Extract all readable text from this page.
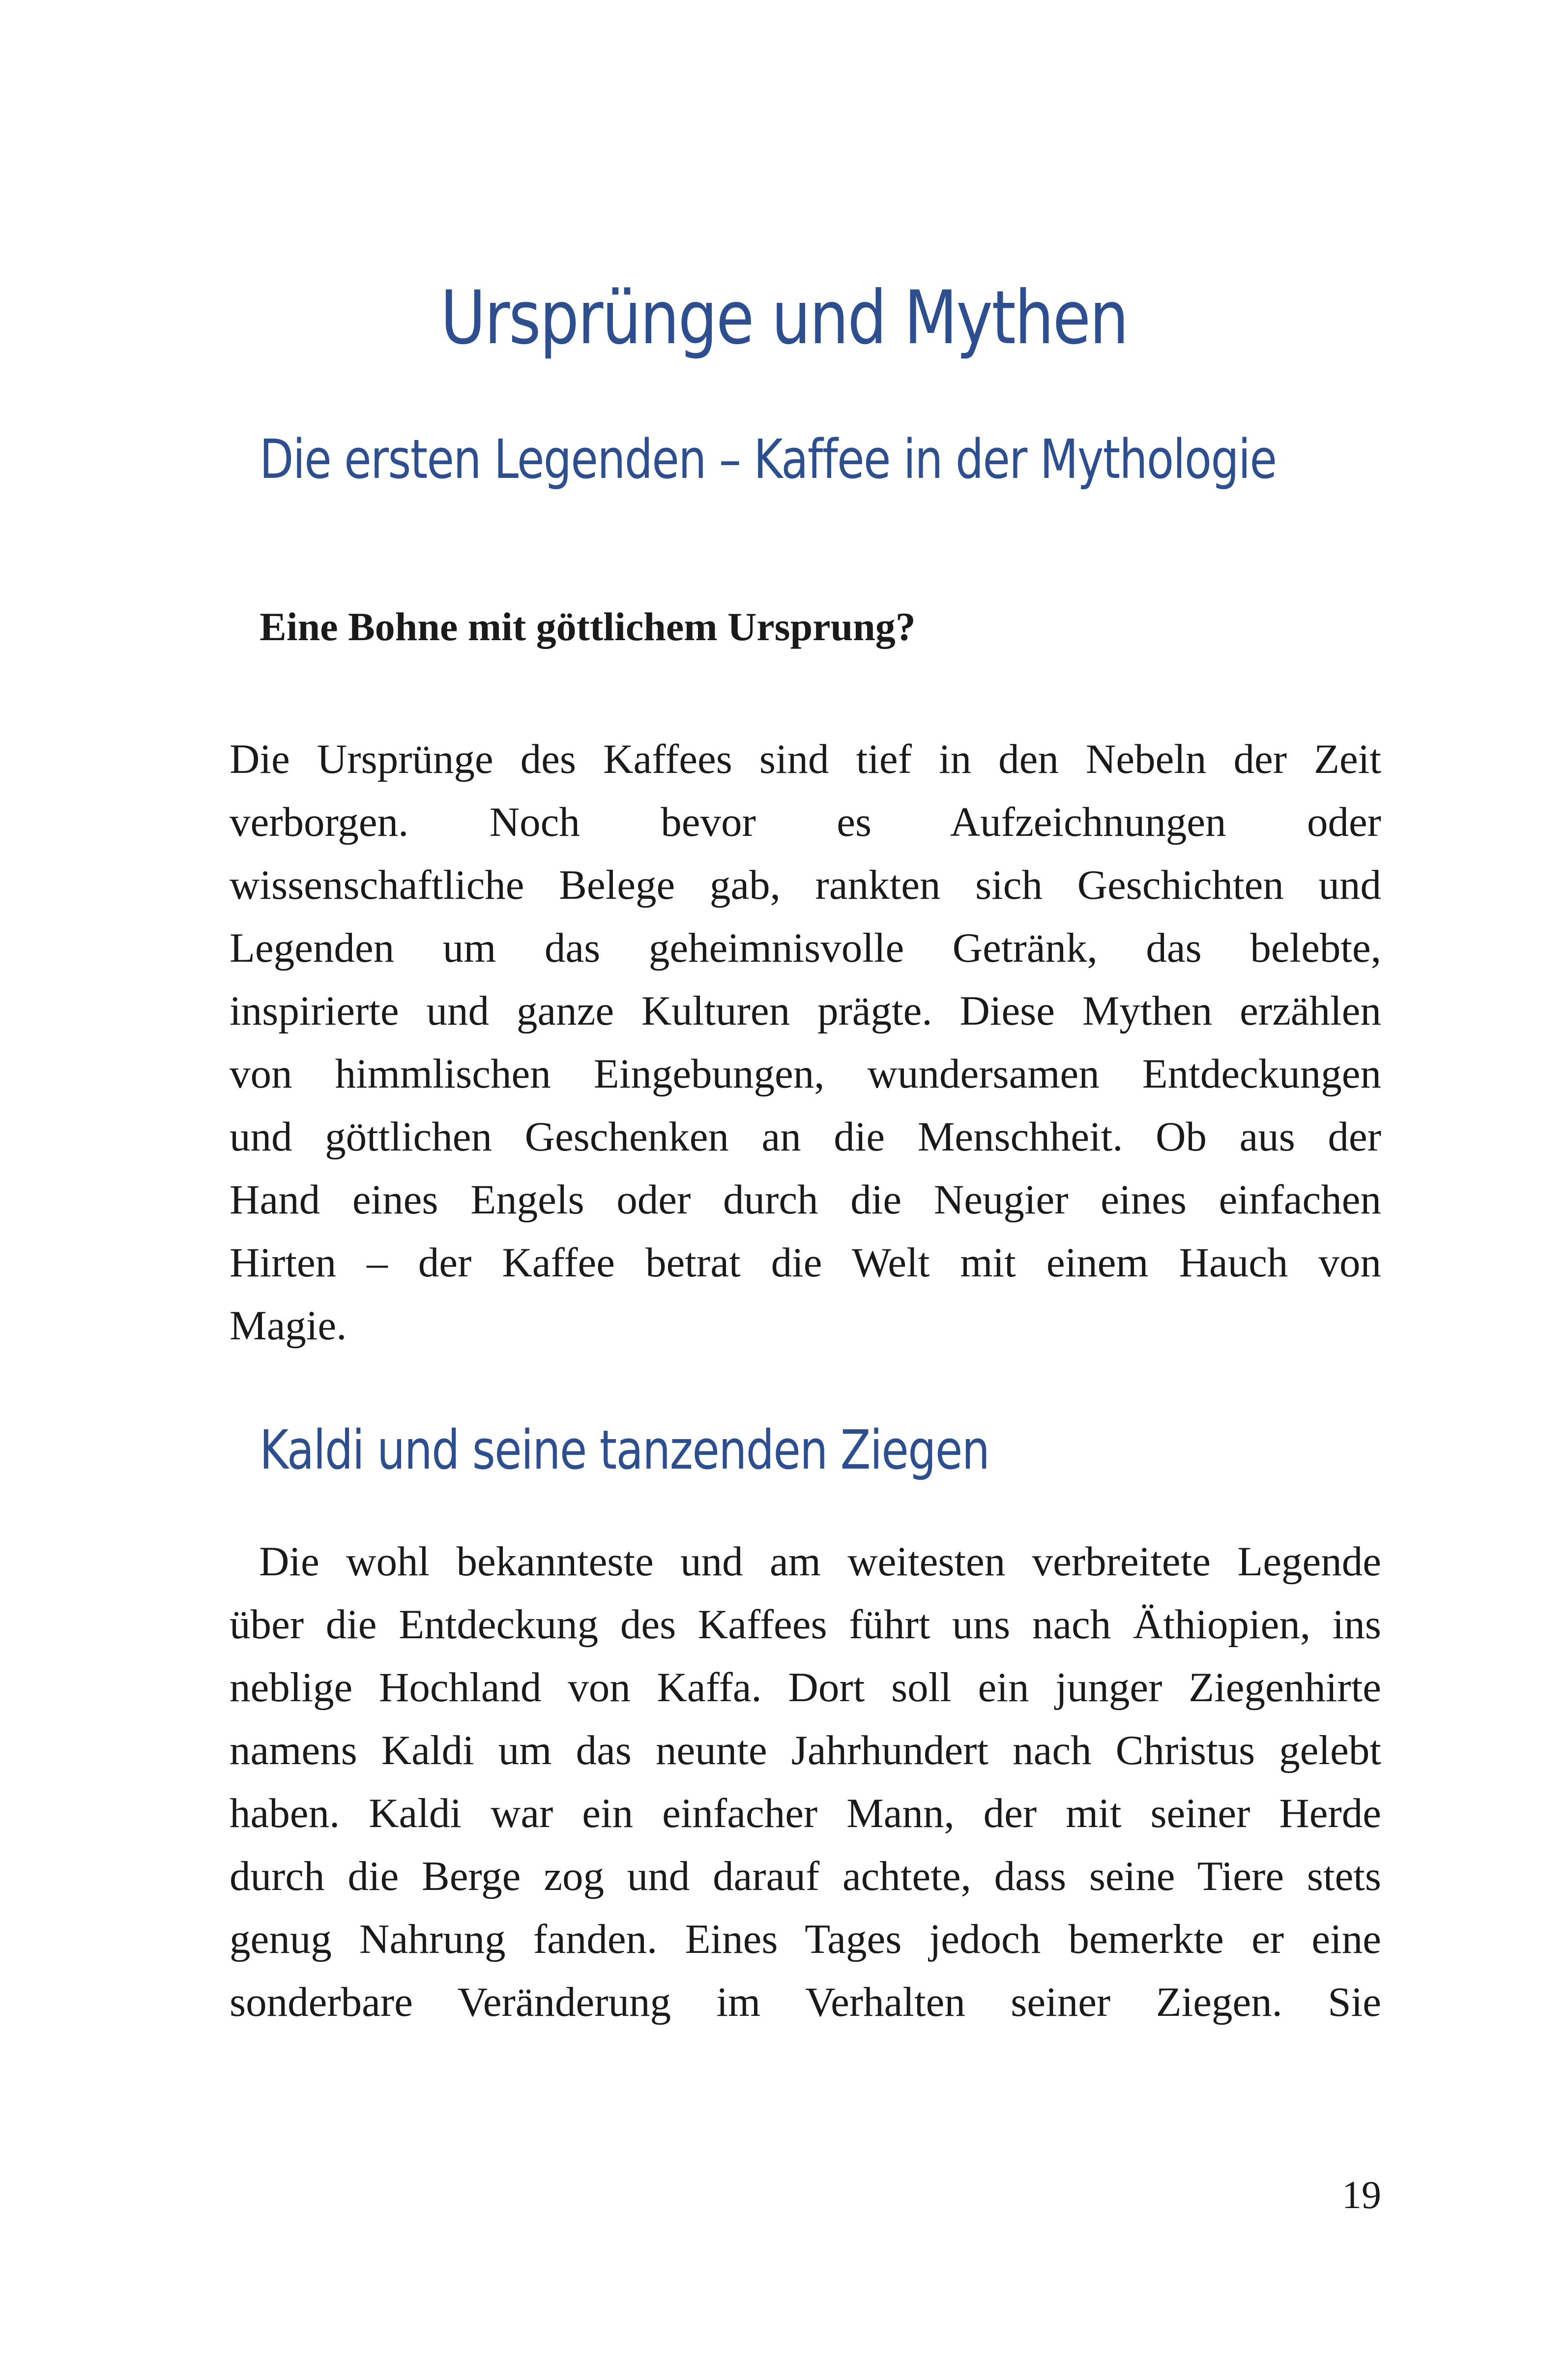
Ursprünge und Mythen
Die ersten Legenden – Kaffee in der Mythologie
Eine Bohne mit göttlichem Ursprung?
Die Ursprünge des Kaffees sind tief in den Nebeln der Zeit
verborgen. Noch bevor es Aufzeichnungen oder
wissenschaftliche Belege gab, rankten sich Geschichten und
Legenden um das geheimnisvolle Getränk, das belebte,
inspirierte und ganze Kulturen prägte. Diese Mythen erzählen
von himmlischen Eingebungen, wundersamen Entdeckungen
und göttlichen Geschenken an die Menschheit. Ob aus der
Hand eines Engels oder durch die Neugier eines einfachen
Hirten – der Kaffee betrat die Welt mit einem Hauch von
Magie.
Kaldi und seine tanzenden Ziegen
Die wohl bekannteste und am weitesten verbreitete Legende
über die Entdeckung des Kaffees führt uns nach Äthiopien, ins
neblige Hochland von Kaffa. Dort soll ein junger Ziegenhirte
namens Kaldi um das neunte Jahrhundert nach Christus gelebt
haben. Kaldi war ein einfacher Mann, der mit seiner Herde
durch die Berge zog und darauf achtete, dass seine Tiere stets
genug Nahrung fanden. Eines Tages jedoch bemerkte er eine
sonderbare Veränderung im Verhalten seiner Ziegen. Sie

19
